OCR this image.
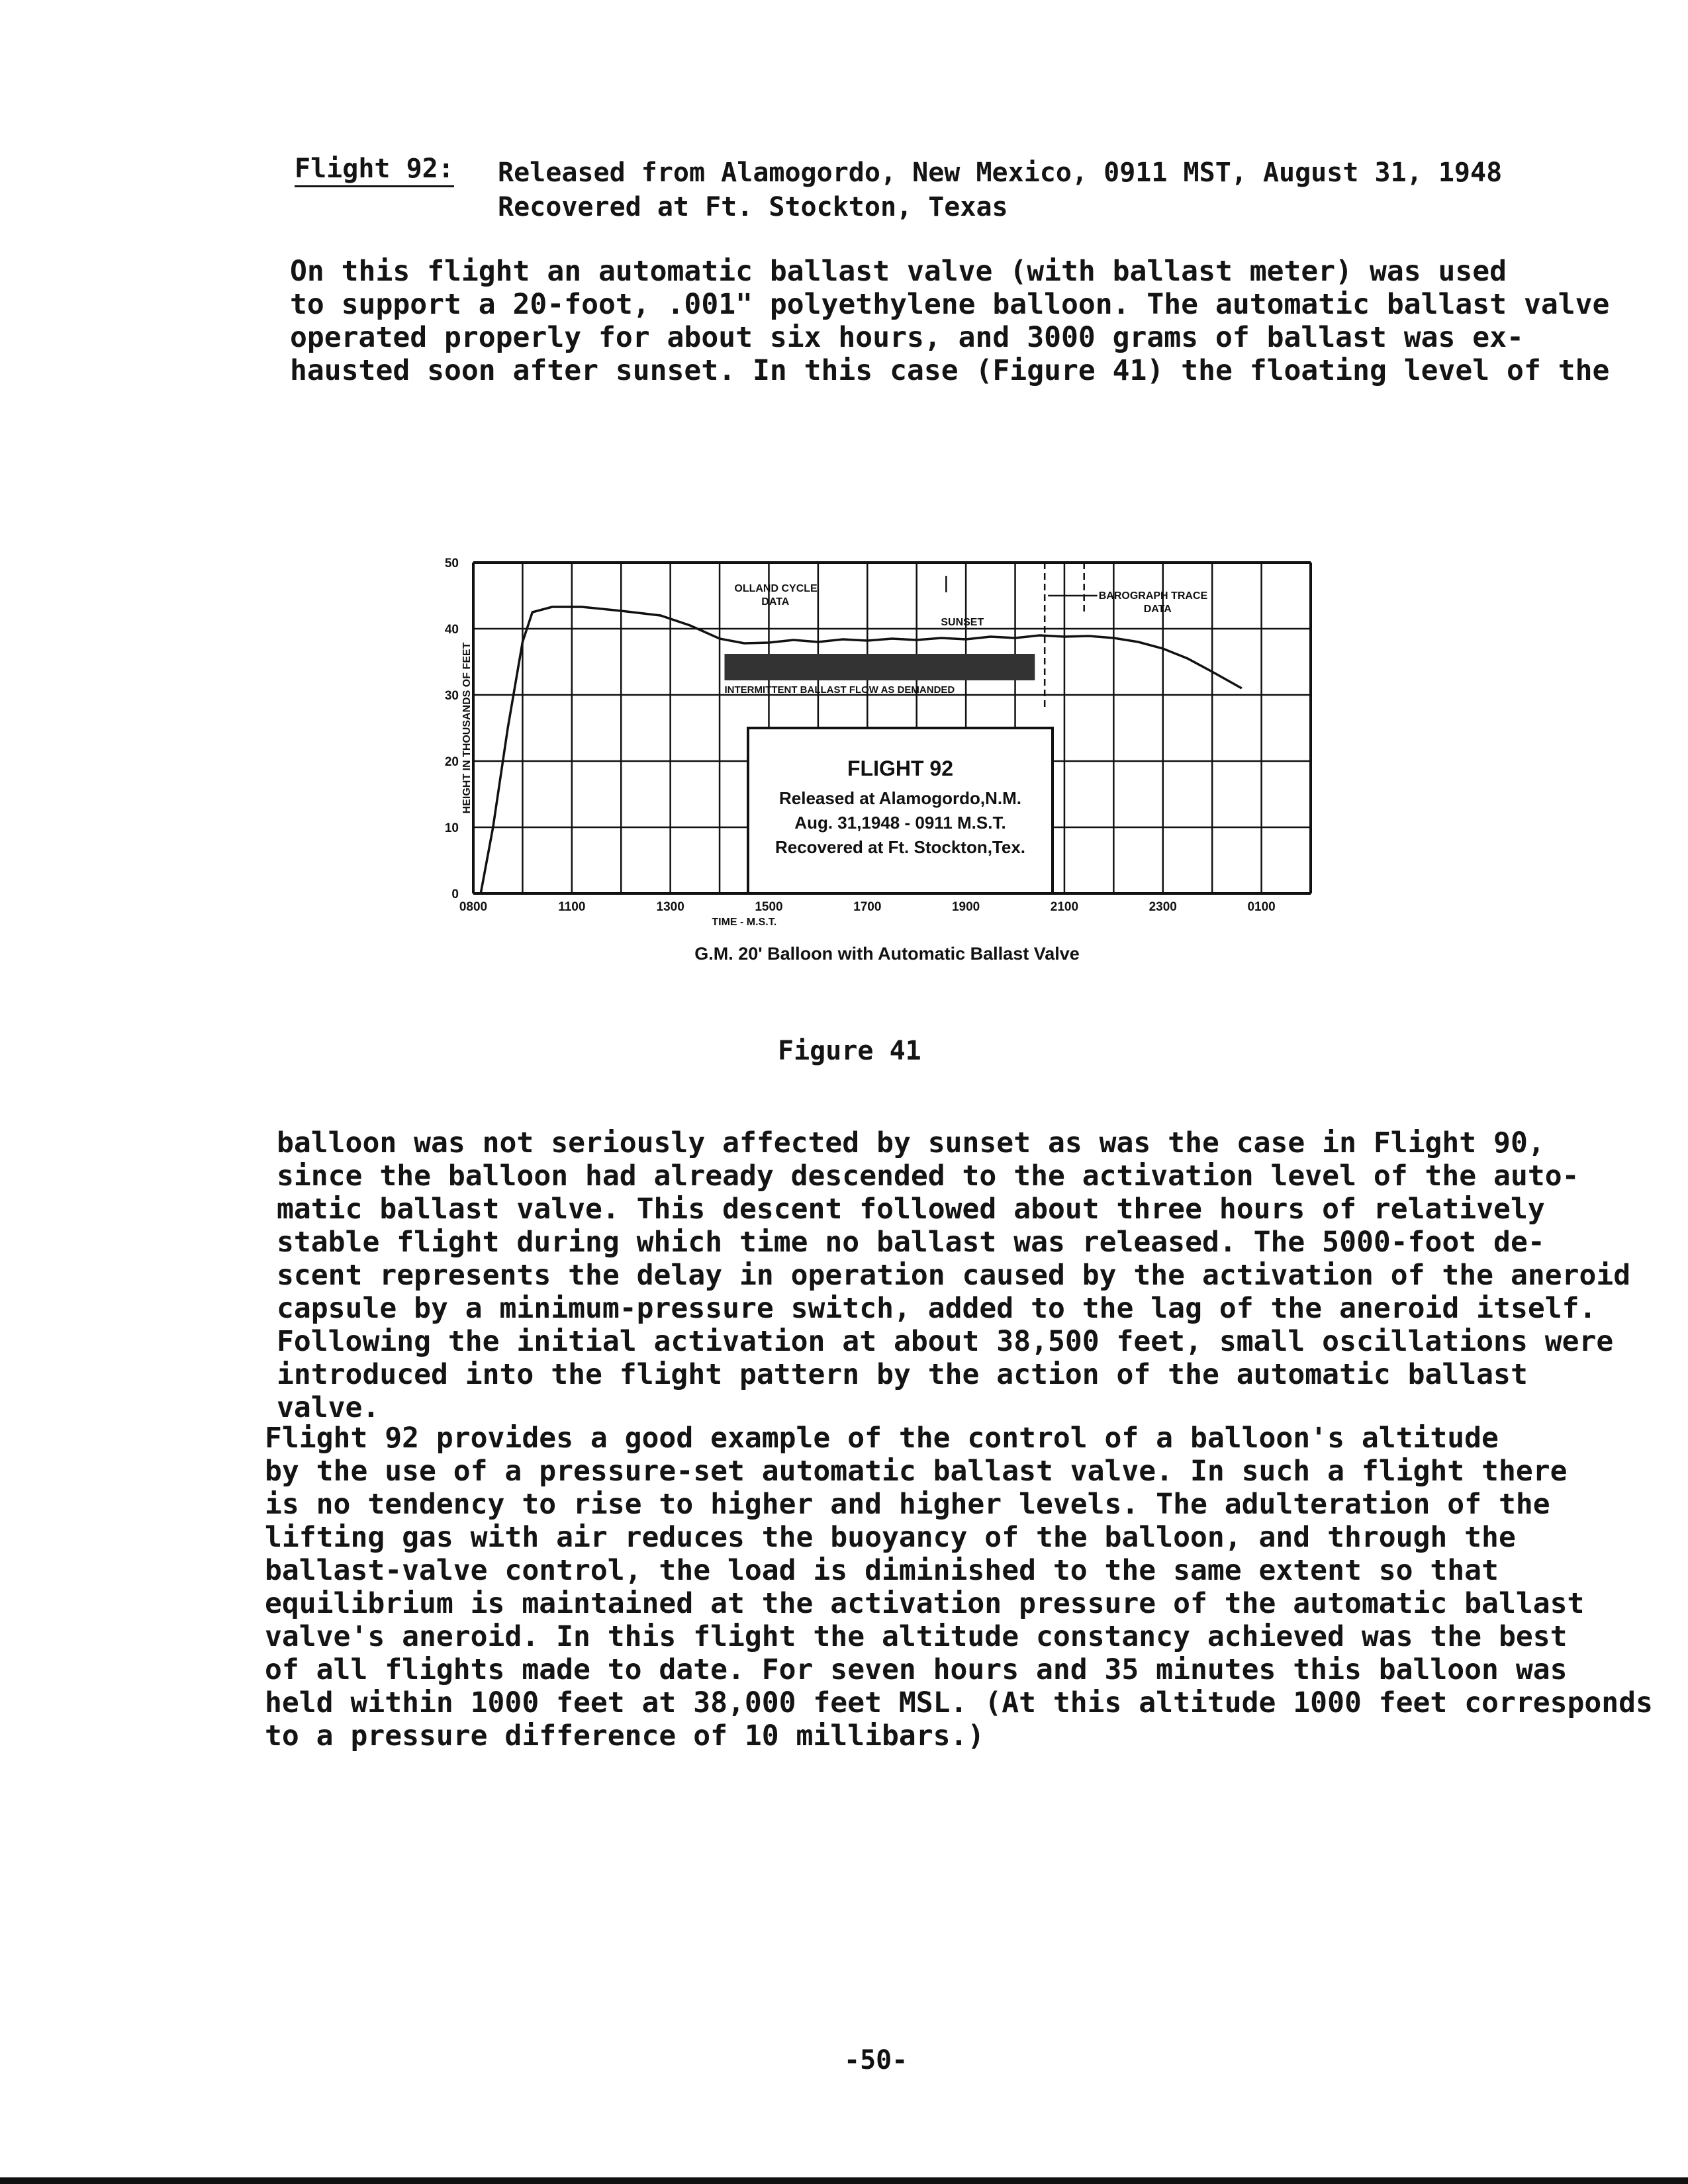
Flight 92: Released from Alamogordo, New Mexico, 0911 MST, August 31, 1948
Recovered at Ft. Stockton, Texas
On this flight an automatic ballast valve (with ballast meter) was used
to support a 20-foot, .001" polyethylene balloon. The automatic ballast valve
operated properly for about six hours, and 3000 grams of ballast was ex-
hausted soon after sunset. In this case (Figure 41) the floating level of the
0
10
20
30
40
50
0800	1100	1300	1500	1700	1900	2100	2300	0100
INTERMITTENT BALLAST FLOW AS DEMANDED
SUNSET
OLLAND CYCLE
DATA
BAROGRAPH TRACE
DATA
FLIGHT 92
Released at Alamogordo,N.M.
Aug. 31,1948 - 0911 M.S.T.
Recovered at Ft. Stockton,Tex.
HEIGHT IN THOUSANDS OF FEET
TIME - M.S.T.
G.M. 20' Balloon with Automatic Ballast Valve
Figure 41
balloon was not seriously affected by sunset as was the case in Flight 90,
since the balloon had already descended to the activation level of the auto-
matic ballast valve. This descent followed about three hours of relatively
stable flight during which time no ballast was released. The 5000-foot de-
scent represents the delay in operation caused by the activation of the aneroid
capsule by a minimum-pressure switch, added to the lag of the aneroid itself.
Following the initial activation at about 38,500 feet, small oscillations were
introduced into the flight pattern by the action of the automatic ballast valve.
Flight 92 provides a good example of the control of a balloon's altitude
by the use of a pressure-set automatic ballast valve. In such a flight there
is no tendency to rise to higher and higher levels. The adulteration of the
lifting gas with air reduces the buoyancy of the balloon, and through the
ballast-valve control, the load is diminished to the same extent so that
equilibrium is maintained at the activation pressure of the automatic ballast
valve's aneroid. In this flight the altitude constancy achieved was the best
of all flights made to date. For seven hours and 35 minutes this balloon was
held within 1000 feet at 38,000 feet MSL. (At this altitude 1000 feet corresponds
to a pressure difference of 10 millibars.)
-50-
